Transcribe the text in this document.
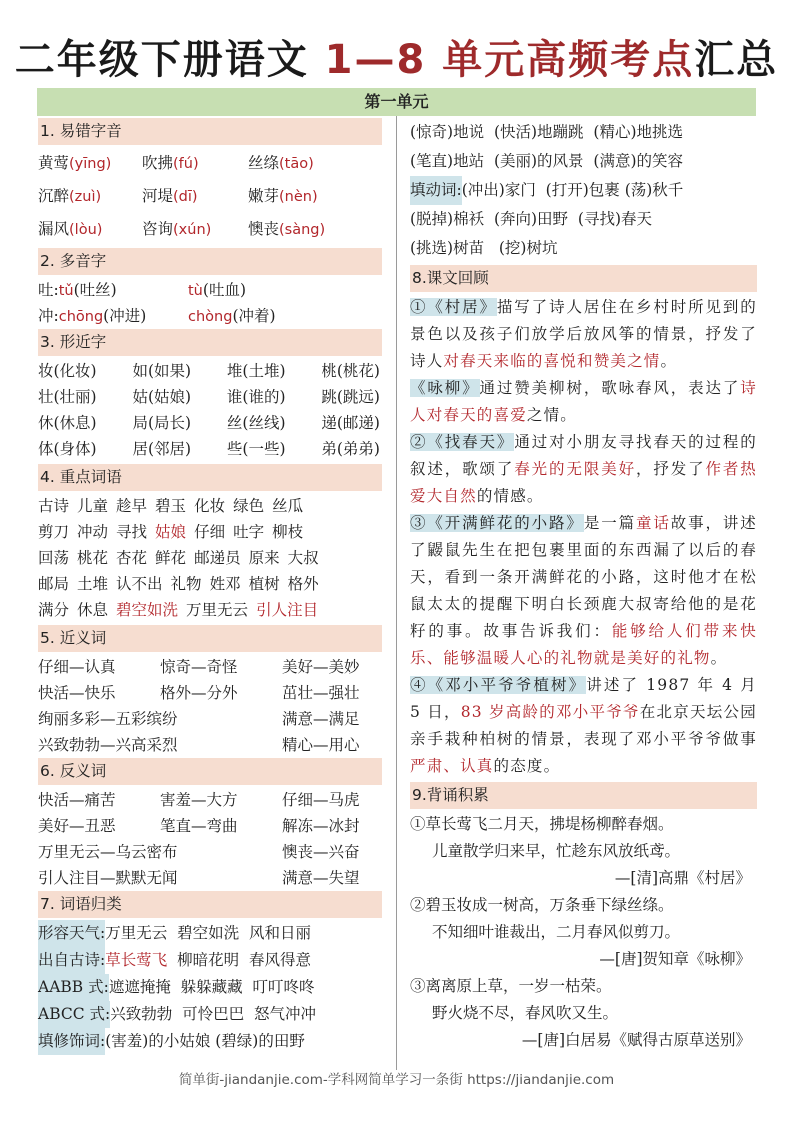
二年级下册语文 1—8 单元高频考点汇总
第一单元
1. 易错字音
黄莺(yīng)	吹拂(fú)	丝绦(tāo)
沉醉(zuì)	河堤(dī)	嫩芽(nèn)
漏风(lòu)	咨询(xún)	懊丧(sàng)
2. 多音字
吐:tǔ(吐丝)	tù(吐血)
冲:chōng(冲进)	chòng(冲着)
3. 形近字
妆(化妆) 如(如果) 堆(土堆) 桃(桃花)
壮(壮丽) 姑(姑娘) 谁(谁的) 跳(跳远)
休(休息) 局(局长) 丝(丝线) 递(邮递)
体(身体) 居(邻居) 些(一些) 弟(弟弟)
4. 重点词语
古诗 儿童 趁早 碧玉 化妆 绿色 丝瓜
剪刀 冲动 寻找 姑娘 仔细 吐字 柳枝
回荡 桃花 杏花 鲜花 邮递员 原来 大叔
邮局 土堆 认不出 礼物 姓邓 植树 格外
满分 休息 碧空如洗 万里无云 引人注目
5. 近义词
仔细—认真	惊奇—奇怪	美好—美妙
快活—快乐	格外—分外	茁壮—强壮
绚丽多彩—五彩缤纷	满意—满足
兴致勃勃—兴高采烈	精心—用心
6. 反义词
快活—痛苦	害羞—大方	仔细—马虎
美好—丑恶	笔直—弯曲	解冻—冰封
万里无云—乌云密布	懊丧—兴奋
引人注目—默默无闻	满意—失望
7. 词语归类
形容天气: 万里无云  碧空如洗  风和日丽
出自古诗: 草长莺飞 柳暗花明  春风得意
AABB 式: 遮遮掩掩  躲躲藏藏  叮叮咚咚
ABCC 式: 兴致勃勃  可怜巴巴  怒气冲冲
填修饰词: (害羞)的小姑娘 (碧绿)的田野
(惊奇)地说  (快活)地蹦跳  (精心)地挑选
(笔直)地站  (美丽)的风景  (满意)的笑容
填动词: (冲出)家门  (打开)包裹 (荡)秋千
(脱掉)棉袄  (奔向)田野  (寻找)春天
(挑选)树苗   (挖)树坑
8.课文回顾
①《村居》描写了诗人居住在乡村时所见到的景色以及孩子们放学后放风筝的情景，抒发了诗人对春天来临的喜悦和赞美之情。
《咏柳》通过赞美柳树，歌咏春风，表达了诗人对春天的喜爱之情。
②《找春天》通过对小朋友寻找春天的过程的叙述，歌颂了春光的无限美好，抒发了作者热爱大自然的情感。
③《开满鲜花的小路》是一篇童话故事，讲述了鼹鼠先生在把包裹里面的东西漏了以后的春天，看到一条开满鲜花的小路，这时他才在松鼠太太的提醒下明白长颈鹿大叔寄给他的是花籽的事。故事告诉我们：能够给人们带来快乐、能够温暖人心的礼物就是美好的礼物。
④《邓小平爷爷植树》讲述了 1987 年 4 月 5 日，83 岁高龄的邓小平爷爷在北京天坛公园亲手栽种柏树的情景，表现了邓小平爷爷做事严肃、认真的态度。
9.背诵积累
①草长莺飞二月天，拂堤杨柳醉春烟。
儿童散学归来早，忙趁东风放纸鸢。
—[清]高鼎《村居》
②碧玉妆成一树高，万条垂下绿丝绦。
不知细叶谁裁出，二月春风似剪刀。
—[唐]贺知章《咏柳》
③离离原上草，一岁一枯荣。
野火烧不尽，春风吹又生。
—[唐]白居易《赋得古原草送别》
简单街-jiandanjie.com-学科网简单学习一条街 https://jiandanjie.com
